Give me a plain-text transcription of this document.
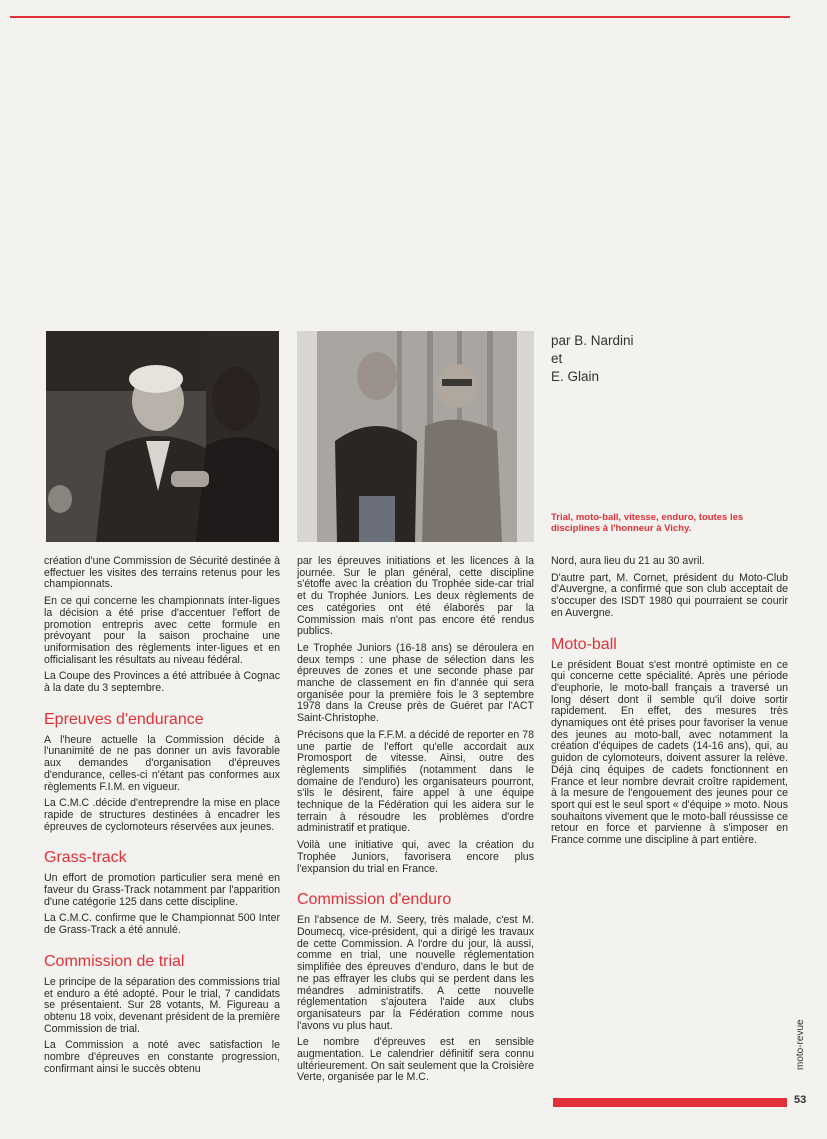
par B. Nardini
et
E. Glain
Trial, moto-ball, vitesse, enduro, toutes les disciplines à l'honneur à Vichy.

création d'une Commission de Sécurité destinée à effectuer les visites des terrains retenus pour les championnats.

En ce qui concerne les championnats inter-ligues la décision a été prise d'accentuer l'effort de promotion entrepris avec cette formule en prévoyant pour la saison prochaine une uniformisation des règlements inter-ligues et en officialisant les résultats au niveau fédéral.

La Coupe des Provinces a été attribuée à Cognac à la date du 3 septembre.

Epreuves d'endurance

A l'heure actuelle la Commission décide à l'unanimité de ne pas donner un avis favorable aux demandes d'organisation d'épreuves d'endurance, celles-ci n'étant pas conformes aux règlements F.I.M. en vigueur.

La C.M.C .décide d'entreprendre la mise en place rapide de structures destinées à encadrer les épreuves de cyclomoteurs réservées aux jeunes.

Grass-track

Un effort de promotion particulier sera mené en faveur du Grass-Track notamment par l'apparition d'une catégorie 125 dans cette discipline.

La C.M.C. confirme que le Championnat 500 Inter de Grass-Track a été annulé.

Commission de trial

Le principe de la séparation des commissions trial et enduro a été adopté. Pour le trial, 7 candidats se présentaient. Sur 28 votants, M. Figureau a obtenu 18 voix, devenant président de la première Commission de trial.

La Commission a noté avec satisfaction le nombre d'épreuves en constante progression, confirmant ainsi le succès obtenu

par les épreuves initiations et les licences à la journée. Sur le plan général, cette discipline s'étoffe avec la création du Trophée side-car trial et du Trophée Juniors. Les deux règlements de ces catégories ont été élaborés par la Commission mais n'ont pas encore été rendus publics.

Le Trophée Juniors (16-18 ans) se déroulera en deux temps : une phase de sélection dans les épreuves de zones et une seconde phase par manche de classement en fin d'année qui sera organisée pour la première fois le 3 septembre 1978 dans la Creuse près de Guéret par l'ACT Saint-Christophe.

Précisons que la F.F.M. a décidé de reporter en 78 une partie de l'effort qu'elle accordait aux Promosport de vitesse. Ainsi, outre des règlements simplifiés (notamment dans le domaine de l'enduro) les organisateurs pourront, s'ils le désirent, faire appel à une équipe technique de la Fédération qui les aidera sur le terrain à résoudre les problèmes d'ordre administratif et pratique.

Voilà une initiative qui, avec la création du Trophée Juniors, favorisera encore plus l'expansion du trial en France.

Commission d'enduro

En l'absence de M. Seery, très malade, c'est M. Doumecq, vice-président, qui a dirigé les travaux de cette Commission. A l'ordre du jour, là aussi, comme en trial, une nouvelle réglementation simplifiée des épreuves d'enduro, dans le but de ne pas effrayer les clubs qui se perdent dans les méandres administratifs. A cette nouvelle réglementation s'ajoutera l'aide aux clubs organisateurs par la Fédération comme nous l'avons vu plus haut.

Le nombre d'épreuves est en sensible augmentation. Le calendrier définitif sera connu ultérieurement. On sait seulement que la Croisière Verte, organisée par le M.C.

Nord, aura lieu du 21 au 30 avril.

D'autre part, M. Cornet, président du Moto-Club d'Auvergne, a confirmé que son club acceptait de s'occuper des ISDT 1980 qui pourraient se courir en Auvergne.

Moto-ball

Le président Bouat s'est montré optimiste en ce qui concerne cette spécialité. Après une période d'euphorie, le moto-ball français a traversé un long désert dont il semble qu'il doive sortir rapidement. En effet, des mesures très dynamiques ont été prises pour favoriser la venue des jeunes au moto-ball, avec notamment la création d'équipes de cadets (14-16 ans), qui, au guidon de cylomoteurs, doivent assurer la relève. Déjà cinq équipes de cadets fonctionnent en France et leur nombre devrait croître rapidement, à la mesure de l'engouement des jeunes pour ce sport qui est le seul sport « d'équipe » moto. Nous souhaitons vivement que le moto-ball réussisse ce retour en force et parvienne à s'imposer en France comme une discipline à part entière.

moto-revue
53
